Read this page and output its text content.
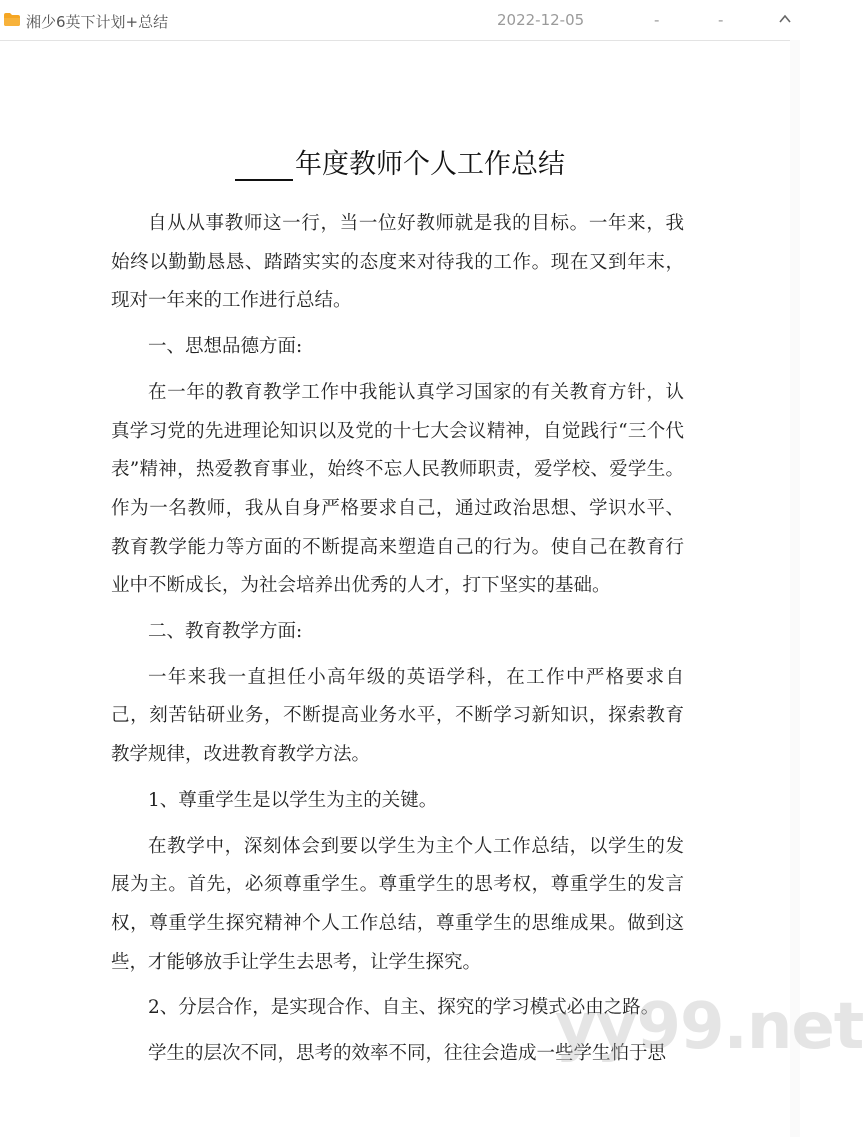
湘少6英下计划+总结	2022-12-05	-	-
年度教师个人工作总结

自从从事教师这一行，当一位好教师就是我的目标。一年来，我始终以勤勤恳恳、踏踏实实的态度来对待我的工作。现在又到年末，现对一年来的工作进行总结。

一、思想品德方面:

在一年的教育教学工作中我能认真学习国家的有关教育方针，认真学习党的先进理论知识以及党的十七大会议精神，自觉践行“三个代表”精神，热爱教育事业，始终不忘人民教师职责，爱学校、爱学生。作为一名教师，我从自身严格要求自己，通过政治思想、学识水平、教育教学能力等方面的不断提高来塑造自己的行为。使自己在教育行业中不断成长，为社会培养出优秀的人才，打下坚实的基础。

二、教育教学方面:

一年来我一直担任小高年级的英语学科，在工作中严格要求自己，刻苦钻研业务，不断提高业务水平，不断学习新知识，探索教育教学规律，改进教育教学方法。

1、尊重学生是以学生为主的关键。

在教学中，深刻体会到要以学生为主个人工作总结，以学生的发展为主。首先，必须尊重学生。尊重学生的思考权，尊重学生的发言权，尊重学生探究精神个人工作总结，尊重学生的思维成果。做到这些，才能够放手让学生去思考，让学生探究。

2、分层合作，是实现合作、自主、探究的学习模式必由之路。

学生的层次不同，思考的效率不同，往往会造成一些学生怕于思

yy99.net
